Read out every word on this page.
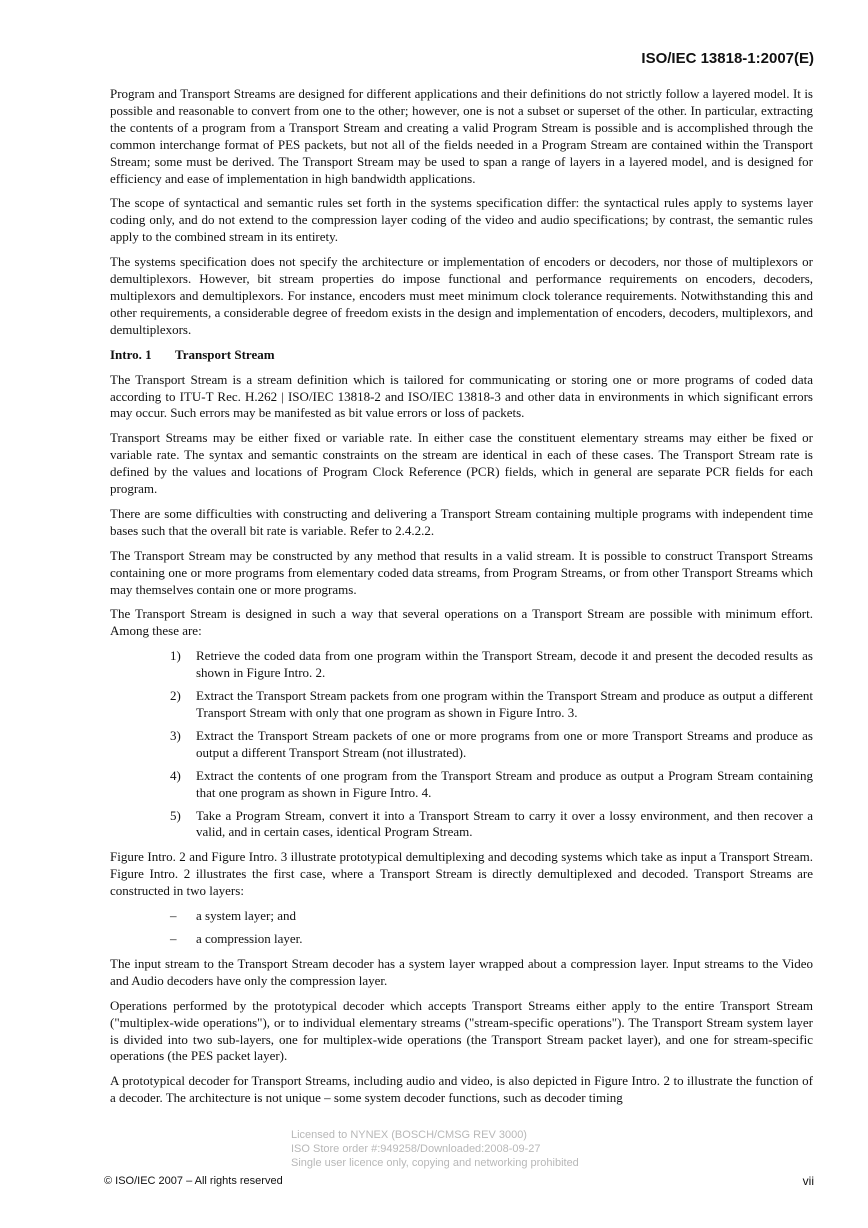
ISO/IEC 13818-1:2007(E)

Program and Transport Streams are designed for different applications and their definitions do not strictly follow a layered model. It is possible and reasonable to convert from one to the other; however, one is not a subset or superset of the other. In particular, extracting the contents of a program from a Transport Stream and creating a valid Program Stream is possible and is accomplished through the common interchange format of PES packets, but not all of the fields needed in a Program Stream are contained within the Transport Stream; some must be derived. The Transport Stream may be used to span a range of layers in a layered model, and is designed for efficiency and ease of implementation in high bandwidth applications.

The scope of syntactical and semantic rules set forth in the systems specification differ: the syntactical rules apply to systems layer coding only, and do not extend to the compression layer coding of the video and audio specifications; by contrast, the semantic rules apply to the combined stream in its entirety.

The systems specification does not specify the architecture or implementation of encoders or decoders, nor those of multiplexors or demultiplexors. However, bit stream properties do impose functional and performance requirements on encoders, decoders, multiplexors and demultiplexors. For instance, encoders must meet minimum clock tolerance requirements. Notwithstanding this and other requirements, a considerable degree of freedom exists in the design and implementation of encoders, decoders, multiplexors, and demultiplexors.

Intro. 1	Transport Stream

The Transport Stream is a stream definition which is tailored for communicating or storing one or more programs of coded data according to ITU-T Rec. H.262 | ISO/IEC 13818-2 and ISO/IEC 13818-3 and other data in environments in which significant errors may occur. Such errors may be manifested as bit value errors or loss of packets.

Transport Streams may be either fixed or variable rate. In either case the constituent elementary streams may either be fixed or variable rate. The syntax and semantic constraints on the stream are identical in each of these cases. The Transport Stream rate is defined by the values and locations of Program Clock Reference (PCR) fields, which in general are separate PCR fields for each program.

There are some difficulties with constructing and delivering a Transport Stream containing multiple programs with independent time bases such that the overall bit rate is variable. Refer to 2.4.2.2.

The Transport Stream may be constructed by any method that results in a valid stream. It is possible to construct Transport Streams containing one or more programs from elementary coded data streams, from Program Streams, or from other Transport Streams which may themselves contain one or more programs.

The Transport Stream is designed in such a way that several operations on a Transport Stream are possible with minimum effort. Among these are:

1)	Retrieve the coded data from one program within the Transport Stream, decode it and present the decoded results as shown in Figure Intro. 2.
2)	Extract the Transport Stream packets from one program within the Transport Stream and produce as output a different Transport Stream with only that one program as shown in Figure Intro. 3.
3)	Extract the Transport Stream packets of one or more programs from one or more Transport Streams and produce as output a different Transport Stream (not illustrated).
4)	Extract the contents of one program from the Transport Stream and produce as output a Program Stream containing that one program as shown in Figure Intro. 4.
5)	Take a Program Stream, convert it into a Transport Stream to carry it over a lossy environment, and then recover a valid, and in certain cases, identical Program Stream.

Figure Intro. 2 and Figure Intro. 3 illustrate prototypical demultiplexing and decoding systems which take as input a Transport Stream. Figure Intro. 2 illustrates the first case, where a Transport Stream is directly demultiplexed and decoded. Transport Streams are constructed in two layers:

–	a system layer; and
–	a compression layer.

The input stream to the Transport Stream decoder has a system layer wrapped about a compression layer. Input streams to the Video and Audio decoders have only the compression layer.

Operations performed by the prototypical decoder which accepts Transport Streams either apply to the entire Transport Stream ("multiplex-wide operations"), or to individual elementary streams ("stream-specific operations"). The Transport Stream system layer is divided into two sub-layers, one for multiplex-wide operations (the Transport Stream packet layer), and one for stream-specific operations (the PES packet layer).

A prototypical decoder for Transport Streams, including audio and video, is also depicted in Figure Intro. 2 to illustrate the function of a decoder. The architecture is not unique – some system decoder functions, such as decoder timing

Licensed to NYNEX (BOSCH/CMSG REV 3000)
ISO Store order #:949258/Downloaded:2008-09-27
Single user licence only, copying and networking prohibited
© ISO/IEC 2007 – All rights reserved	vii
